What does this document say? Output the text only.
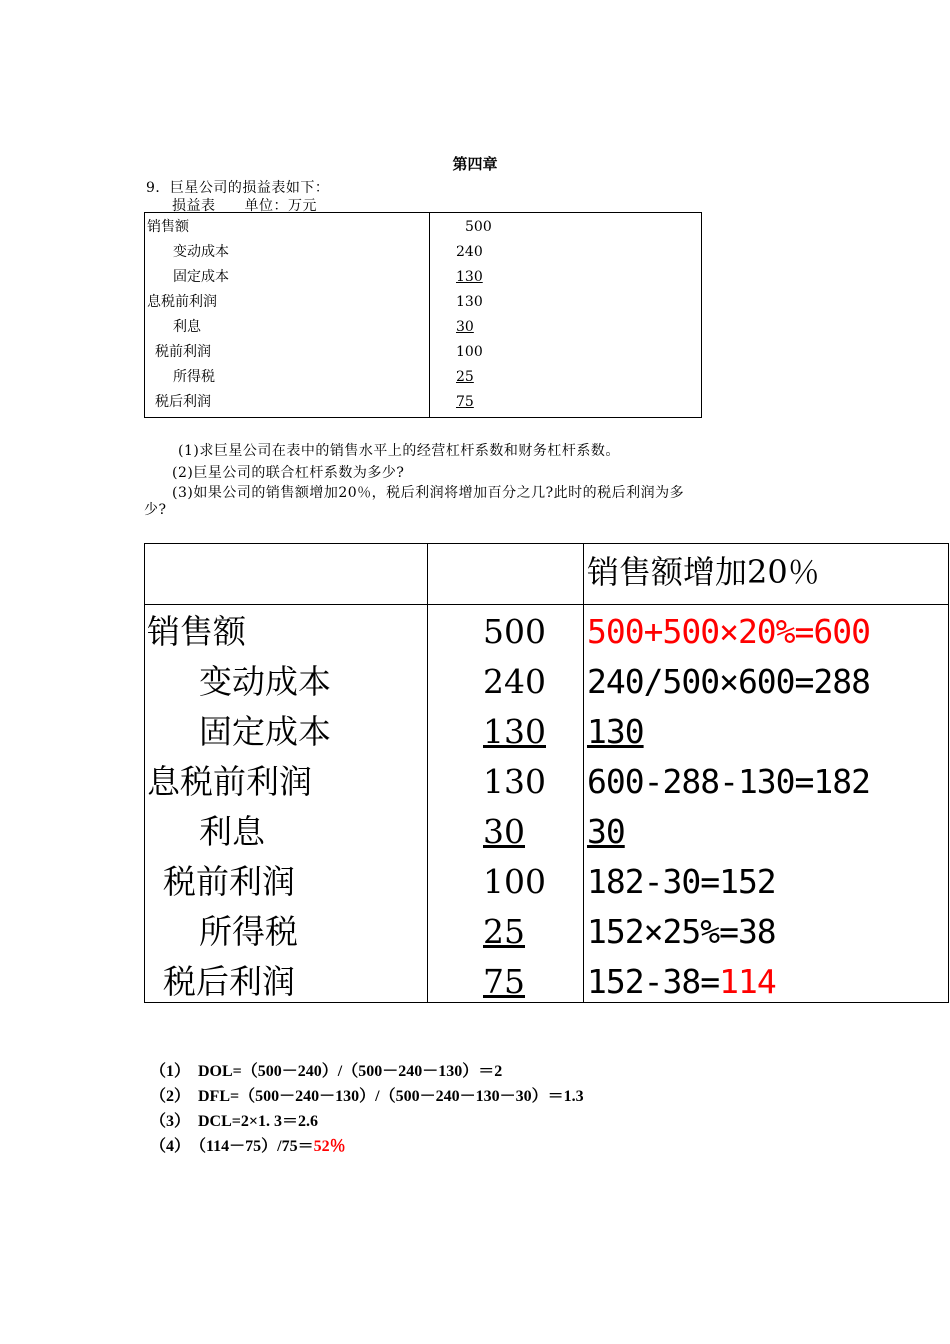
第四章
9．巨星公司的损益表如下：
损益表　　单位：万元
销售额	500
变动成本	240
固定成本	130
息税前利润	130
利息	30
税前利润	100
所得税	25
税后利润	75
(1)求巨星公司在表中的销售水平上的经营杠杆系数和财务杠杆系数。
(2)巨星公司的联合杠杆系数为多少?
(3)如果公司的销售额增加20％，税后利润将增加百分之几?此时的税后利润为多
少?
销售额增加20％
销售额	500 500+500×20%=600
变动成本	240 240/500×600=288
固定成本	130 130
息税前利润	130 600-288-130=182
利息	30 30
税前利润	100 182-30=152
所得税	25 152×25%=38
税后利润	75 152-38=114
（1）　DOL=（500－240）/（500－240－130）＝2
（2）　DFL=（500－240－130）/（500－240－130－30）＝1.3
（3）　DCL=2×1. 3＝2.6
（4）　（114－75）/75＝52％
